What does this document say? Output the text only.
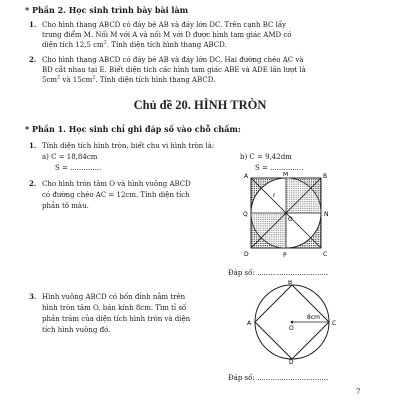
* Phần 2. Học sinh trình bày bài làm
1. Cho hình thang ABCD có đáy bé AB và đáy lớn DC. Trên cạnh BC lấy
trung điểm M. Nối M với A và nối M với D được hình tam giác AMD có
diện tích 12,5 $cm^2$. Tính diện tích hình thang ABCD.
2. Cho hình thang ABCD có đáy bé AB và đáy lớn DC. Hai đường chéo AC và
BD cắt nhau tại E. Biết diện tích các hình tam giác ABE và ADE lần lượt là
$5cm^2$ và $15cm^2$. Tính diện tích hình thang ABCD.
Chủ đề 20. HÌNH TRÒN
* Phần 1. Học sinh chỉ ghi đáp số vào chỗ chấm:
1. Tính diện tích hình tròn, biết chu vi hình tròn là:
a) C = 18,84cm	b) C = 9,42dm
S = ..............	S = ...............
2. Cho hình tròn tâm O và hình vuông ABCD
có đường chéo AC = 12cm. Tính diện tích
phần tô màu.
A	M	B
Q
O
N
D	P	C
r
Đáp số: ................................
3. Hình vuông ABCD có bốn đỉnh nằm trên
hình tròn tâm O, bán kính 8cm. Tìm tỉ số
phần trăm của diện tích hình tròn và diện
tích hình vuông đó.
B
A	C
O
8cm
D
Đáp số: ................................
7
